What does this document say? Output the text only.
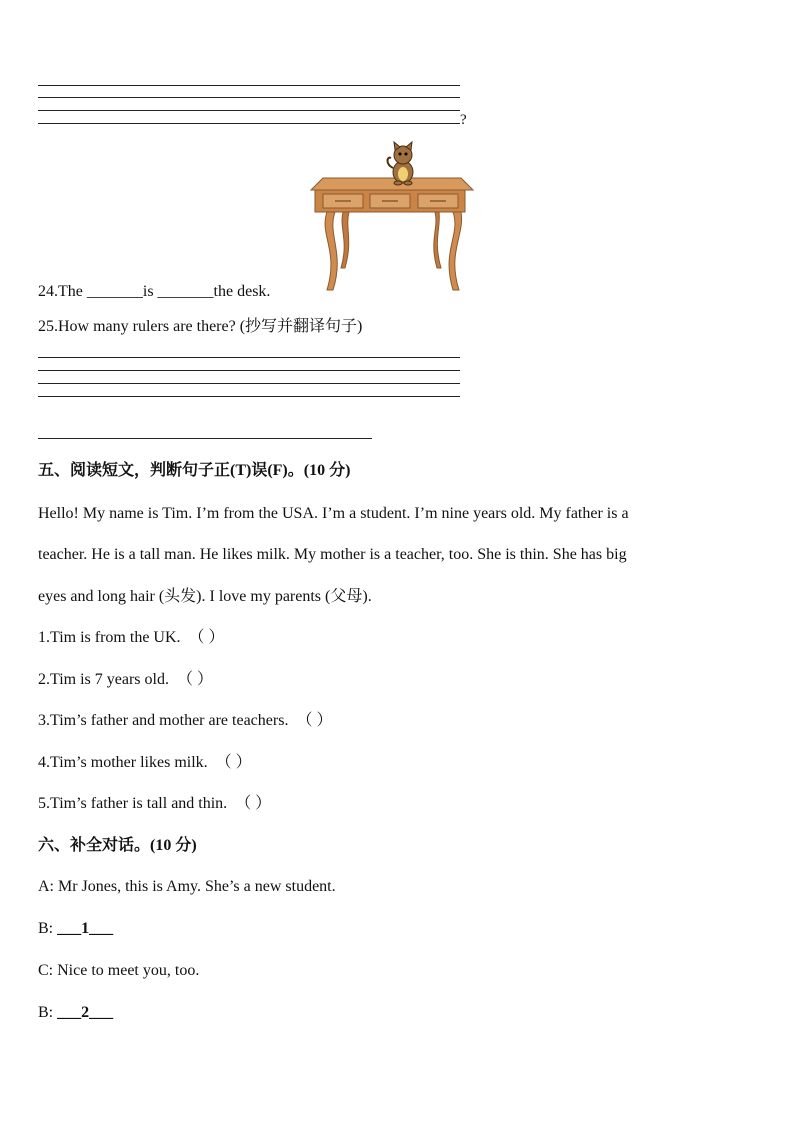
?
24.The _______is _______the desk.
25.How many rulers are there? (抄写并翻译句子)
五、阅读短文，判断句子正(T)误(F)。(10 分)
Hello! My name is Tim. I’m from the USA. I’m a student. I’m nine years old. My father is a
teacher. He is a tall man. He likes milk. My mother is a teacher, too. She is thin. She has big
eyes and long hair (头发). I love my parents (父母).
1.Tim is from the UK. （ ）
2.Tim is 7 years old. （ ）
3.Tim’s father and mother are teachers. （ ）
4.Tim’s mother likes milk. （ ）
5.Tim’s father is tall and thin. （ ）
六、补全对话。(10 分)
A: Mr Jones, this is Amy. She’s a new student.
B: ___1___
C: Nice to meet you, too.
B: ___2___
